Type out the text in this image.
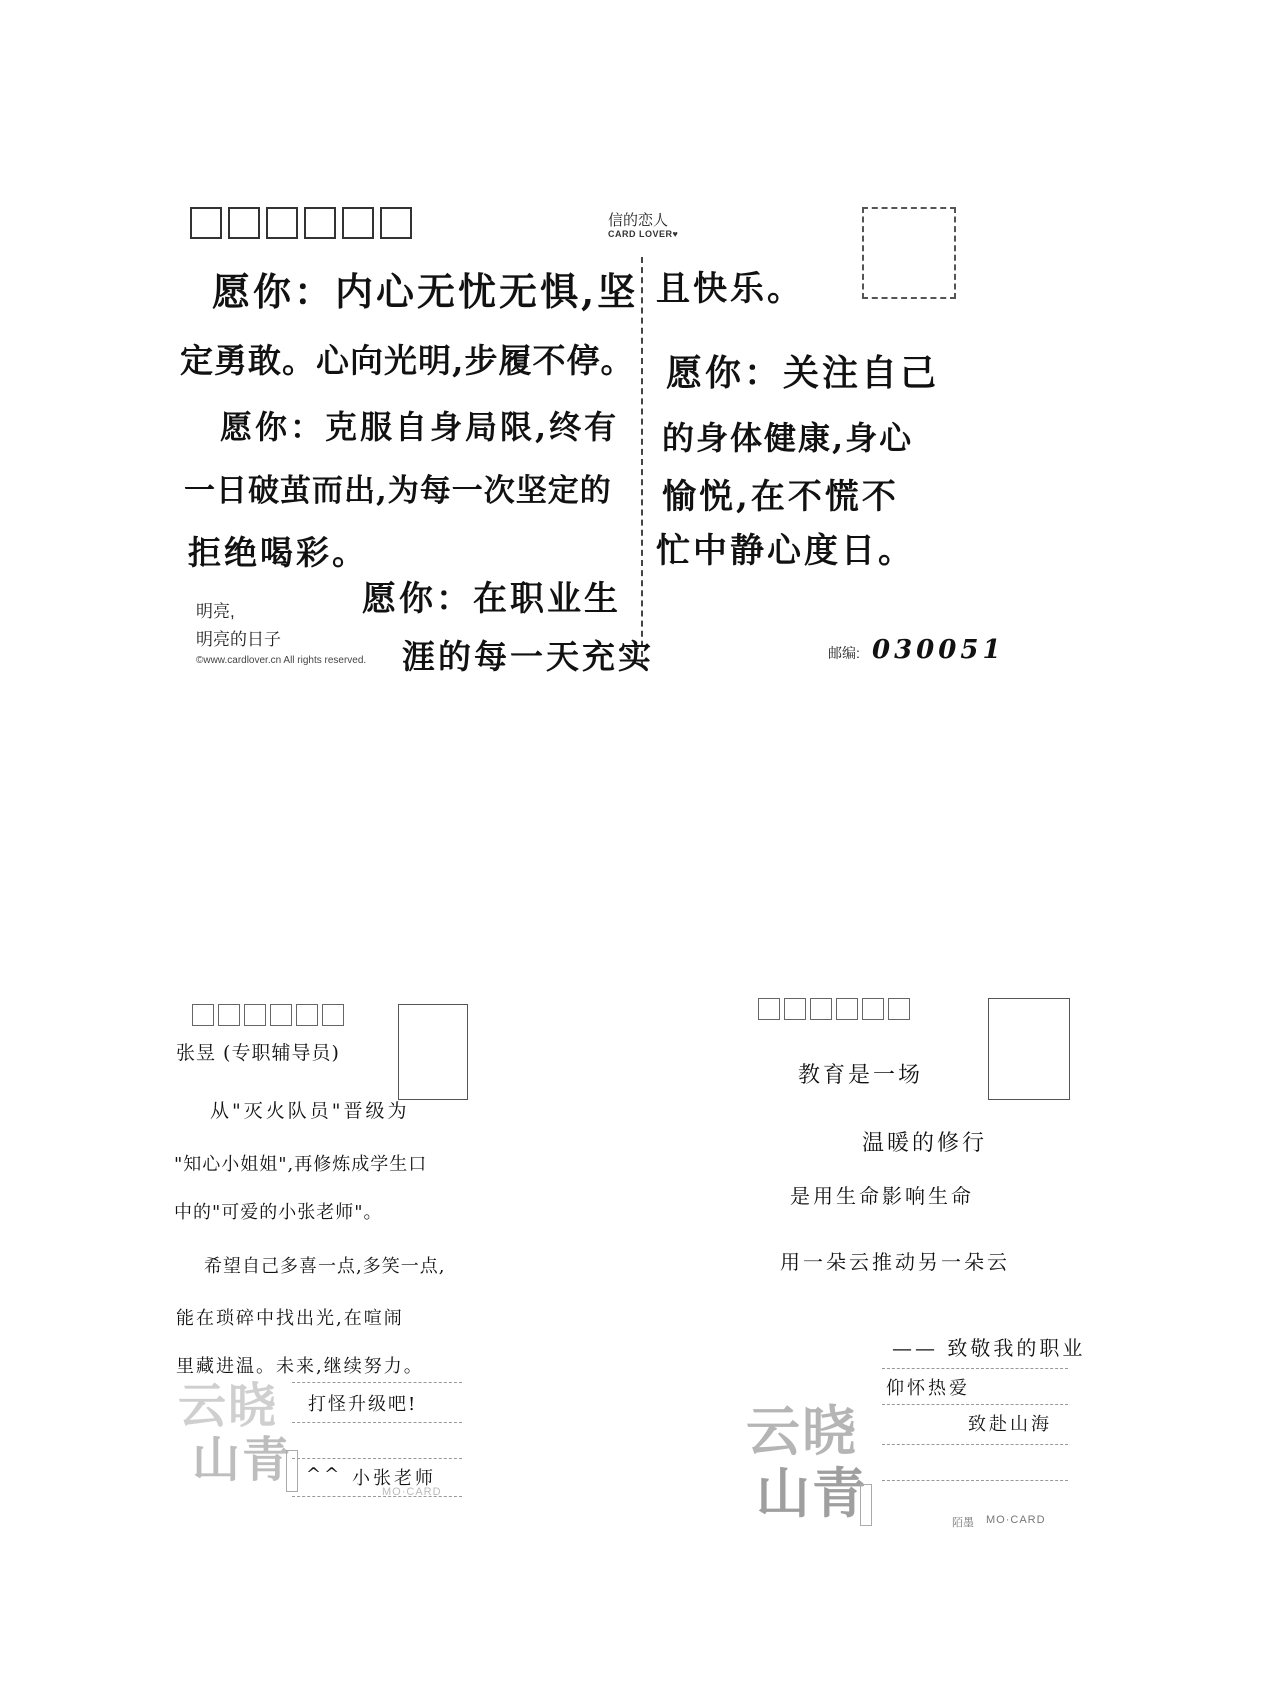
信的恋人
CARD LOVER♥
愿你：内心无忧无惧,坚
定勇敢。心向光明,步履不停。
愿你：克服自身局限,终有
一日破茧而出,为每一次坚定的
拒绝喝彩。
愿你：在职业生
涯的每一天充实
且快乐。
愿你：关注自己
的身体健康,身心
愉悦,在不慌不
忙中静心度日。
明亮,
明亮的日子
©www.cardlover.cn All rights reserved.	邮编: 030051
张昱 (专职辅导员)
从"灭火队员"晋级为
"知心小姐姐",再修炼成学生口
中的"可爱的小张老师"。
希望自己多喜一点,多笑一点,
能在琐碎中找出光,在喧闹
里藏进温。未来,继续努力。
打怪升级吧!
^^ 小张老师
云晓
山青
MO·CARD
教育是一场
温暖的修行
是用生命影响生命
用一朵云推动另一朵云
—— 致敬我的职业
仰怀热爱
致赴山海
云晓
山青	陌墨 MO·CARD
